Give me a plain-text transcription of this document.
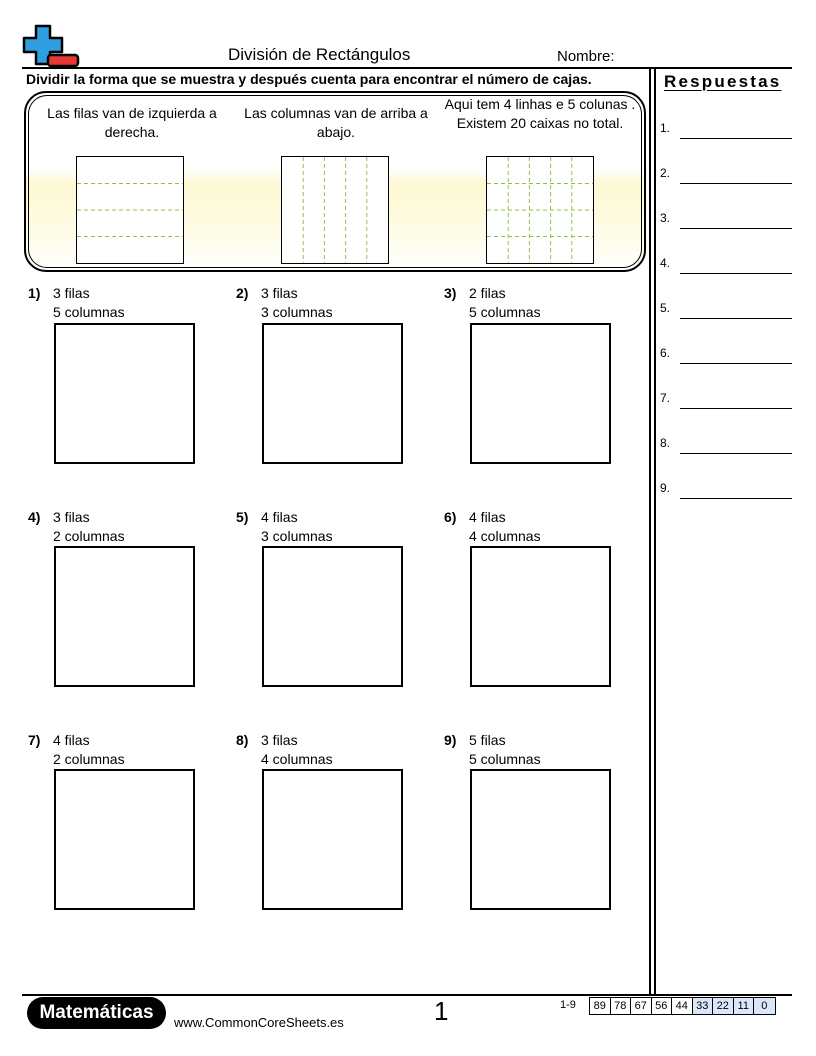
División de Rectángulos	Nombre:
Dividir la forma que se muestra y después cuenta para encontrar el número de cajas.	Respuestas
1.
2.
3.
4.
5.
6.
7.
8.
9.
Las filas van de izquierda a derecha.
Las columnas van de arriba a abajo.
Aqui tem 4 linhas e 5 colunas . Existem 20 caixas no total.
1) 3 filas
5 columnas
2) 3 filas
3 columnas
3) 2 filas
5 columnas
4) 3 filas
2 columnas
5) 4 filas
3 columnas
6) 4 filas
4 columnas
7) 4 filas
2 columnas
8) 3 filas
4 columnas
9) 5 filas
5 columnas
Matemáticas	www.CommonCoreSheets.es	1	1-9	89 78 67 56 44 33 22 11	0
